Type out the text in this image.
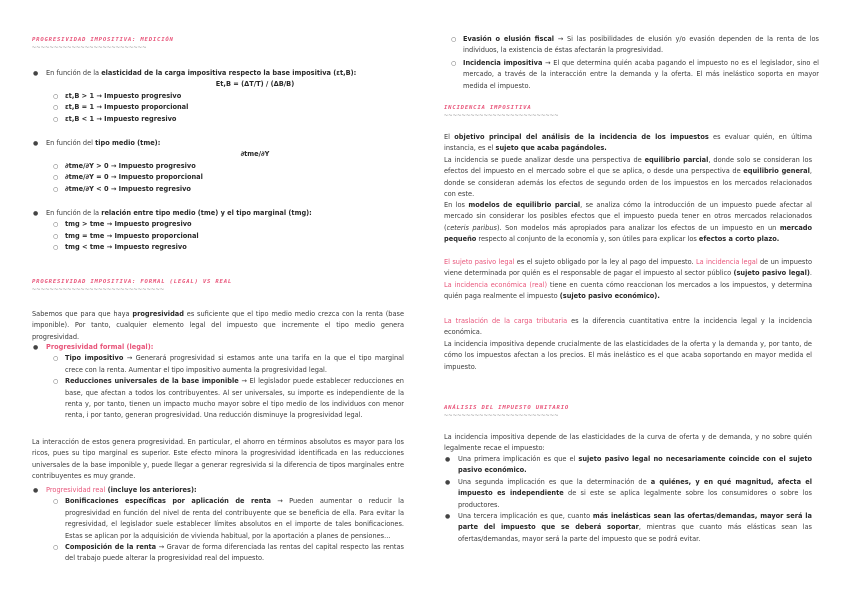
PROGRESIVIDAD IMPOSITIVA: MEDICIÓN
~~~~~~~~~~~~~~~~~~~~~~~~~~
● En función de la elasticidad de la carga impositiva respecto la base impositiva (εt,B):
Εt,B = (ΔT/T) / (ΔB/B)
○ εt,B > 1 → Impuesto progresivo
○ εt,B = 1 → Impuesto proporcional
○ εt,B < 1 → Impuesto regresivo
● En función del tipo medio (tme):
∂tme/∂Y
○ ∂tme/∂Y > 0 → Impuesto progresivo
○ ∂tme/∂Y = 0 → Impuesto proporcional
○ ∂tme/∂Y < 0 → Impuesto regresivo
● En función de la relación entre tipo medio (tme) y el tipo marginal (tmg):
○ tmg > tme → Impuesto progresivo
○ tmg = tme → Impuesto proporcional
○ tmg < tme → Impuesto regresivo
PROGRESIVIDAD IMPOSITIVA: FORMAL (LEGAL) VS REAL
~~~~~~~~~~~~~~~~~~~~~~~~~~~~~~

Sabemos que para que haya progresividad es suficiente que el tipo medio medio crezca con la renta (base imponible). Por tanto, cualquier elemento legal del impuesto que incremente el tipo medio genera progresividad.

● Progresividad formal (legal):
○ Tipo impositivo → Generará progresividad si estamos ante una tarifa en la que el tipo marginal crece con la renta. Aumentar el tipo impositivo aumenta la progresividad legal.
○ Reducciones universales de la base imponible → El legislador puede establecer reducciones en base, que afectan a todos los contribuyentes. Al ser universales, su importe es independiente de la renta y, por tanto, tienen un impacto mucho mayor sobre el tipo medio de los individuos con menor renta, i por tanto, generan progresividad. Una reducción disminuye la progresividad legal.

La interacción de estos genera progresividad. En particular, el ahorro en términos absolutos es mayor para los ricos, pues su tipo marginal es superior. Este efecto minora la progresividad identificada en las reducciones universales de la base imponible y, puede llegar a generar regresivida si la diferencia de tipos marginales entre contribuyentes es muy grande.

● Progresividad real (incluye los anteriores):
○ Bonificaciones específicas por aplicación de renta → Pueden aumentar o reducir la progresividad en función del nivel de renta del contribuyente que se beneficia de ella. Para evitar la regresividad, el legislador suele establecer límites absolutos en el importe de tales bonificaciones. Estas se aplican por la adquisición de vivienda habitual, por la aportación a planes de pensiones...
○ Composición de la renta → Gravar de forma diferenciada las rentas del capital respecto las rentas del trabajo puede alterar la progresividad real del impuesto.
○ Evasión o elusión fiscal → Si las posibilidades de elusión y/o evasión dependen de la renta de los individuos, la existencia de éstas afectarán la progresividad.
○ Incidencia impositiva → El que determina quién acaba pagando el impuesto no es el legislador, sino el mercado, a través de la interacción entre la demanda y la oferta. El más inelástico soporta en mayor medida el impuesto.
INCIDENCIA IMPOSITIVA
~~~~~~~~~~~~~~~~~~~~~~~~~~

El objetivo principal del análisis de la incidencia de los impuestos es evaluar quién, en última instancia, es el sujeto que acaba pagándoles.
La incidencia se puede analizar desde una perspectiva de equilibrio parcial, donde solo se consideran los efectos del impuesto en el mercado sobre el que se aplica, o desde una perspectiva de equilibrio general, donde se consideran además los efectos de segundo orden de los impuestos en los mercados relacionados con este.

En los modelos de equilibrio parcial, se analiza cómo la introducción de un impuesto puede afectar al mercado sin considerar los posibles efectos que el impuesto pueda tener en otros mercados relacionados (ceteris paribus). Son modelos más apropiados para analizar los efectos de un impuesto en un mercado pequeño respecto al conjunto de la economía y, son útiles para explicar los efectos a corto plazo.

El sujeto pasivo legal es el sujeto obligado por la ley al pago del impuesto. La incidencia legal de un impuesto viene determinada por quién es el responsable de pagar el impuesto al sector público (sujeto pasivo legal). La incidencia económica (real) tiene en cuenta cómo reaccionan los mercados a los impuestos, y determina quién paga realmente el impuesto (sujeto pasivo económico).

La traslación de la carga tributaria es la diferencia cuantitativa entre la incidencia legal y la incidencia económica.

La incidencia impositiva depende crucialmente de las elasticidades de la oferta y la demanda y, por tanto, de cómo los impuestos afectan a los precios. El más inelástico es el que acaba soportando en mayor medida el impuesto.

ANÁLISIS DEL IMPUESTO UNITARIO
~~~~~~~~~~~~~~~~~~~~~~~~~~

La incidencia impositiva depende de las elasticidades de la curva de oferta y de demanda, y no sobre quién legalmente recae el impuesto:

● Una primera implicación es que el sujeto pasivo legal no necesariamente coincide con el sujeto pasivo económico.
● Una segunda implicación es que la determinación de a quiénes, y en qué magnitud, afecta el impuesto es independiente de si este se aplica legalmente sobre los consumidores o sobre los productores.
● Una tercera implicación es que, cuanto más inelásticas sean las ofertas/demandas, mayor será la parte del impuesto que se deberá soportar, mientras que cuanto más elásticas sean las ofertas/demandas, mayor será la parte del impuesto que se podrá evitar.
